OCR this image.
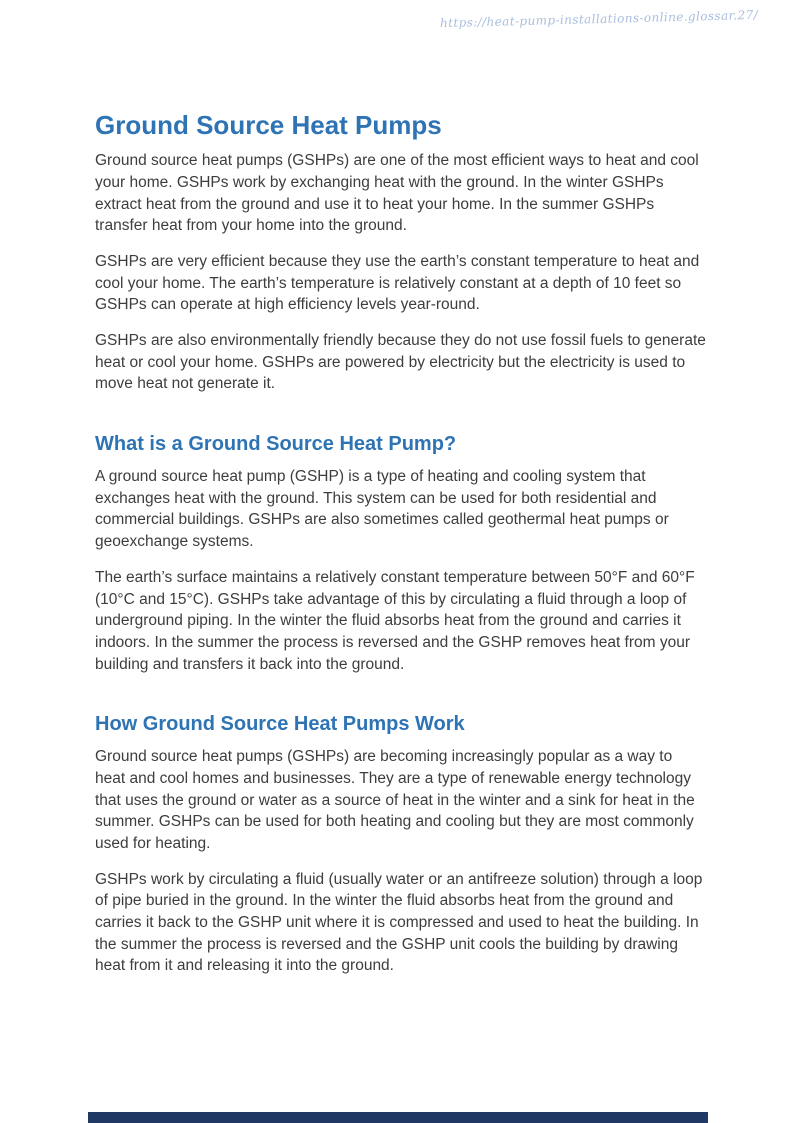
https://heat-pump-installations-online.glossar.27/
Ground Source Heat Pumps

Ground source heat pumps (GSHPs) are one of the most efficient ways to heat and cool your home. GSHPs work by exchanging heat with the ground. In the winter GSHPs extract heat from the ground and use it to heat your home. In the summer GSHPs transfer heat from your home into the ground.

GSHPs are very efficient because they use the earth’s constant temperature to heat and cool your home. The earth’s temperature is relatively constant at a depth of 10 feet so GSHPs can operate at high efficiency levels year-round.

GSHPs are also environmentally friendly because they do not use fossil fuels to generate heat or cool your home. GSHPs are powered by electricity but the electricity is used to move heat not generate it.

What is a Ground Source Heat Pump?

A ground source heat pump (GSHP) is a type of heating and cooling system that exchanges heat with the ground. This system can be used for both residential and commercial buildings. GSHPs are also sometimes called geothermal heat pumps or geoexchange systems.

The earth’s surface maintains a relatively constant temperature between 50°F and 60°F (10°C and 15°C). GSHPs take advantage of this by circulating a fluid through a loop of underground piping. In the winter the fluid absorbs heat from the ground and carries it indoors. In the summer the process is reversed and the GSHP removes heat from your building and transfers it back into the ground.

How Ground Source Heat Pumps Work

Ground source heat pumps (GSHPs) are becoming increasingly popular as a way to heat and cool homes and businesses. They are a type of renewable energy technology that uses the ground or water as a source of heat in the winter and a sink for heat in the summer. GSHPs can be used for both heating and cooling but they are most commonly used for heating.

GSHPs work by circulating a fluid (usually water or an antifreeze solution) through a loop of pipe buried in the ground. In the winter the fluid absorbs heat from the ground and carries it back to the GSHP unit where it is compressed and used to heat the building. In the summer the process is reversed and the GSHP unit cools the building by drawing heat from it and releasing it into the ground.
